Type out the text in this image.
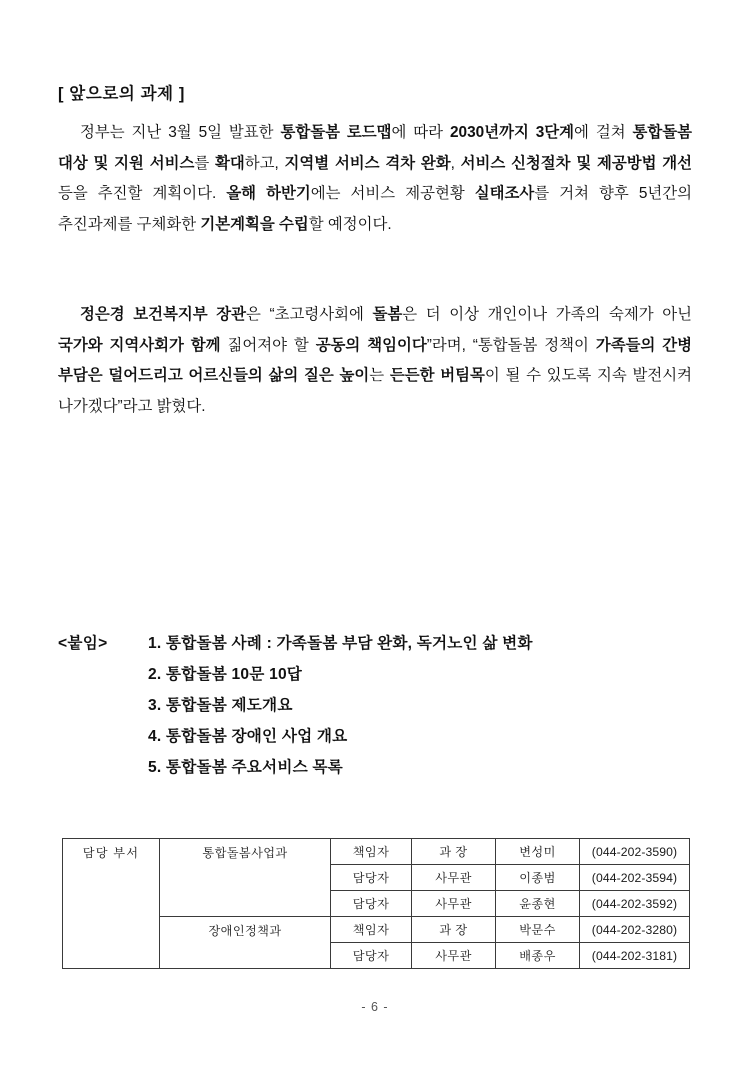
[ 앞으로의 과제 ]
정부는 지난 3월 5일 발표한 통합돌봄 로드맵에 따라 2030년까지 3단계에 걸쳐 통합돌봄 대상 및 지원 서비스를 확대하고, 지역별 서비스 격차 완화, 서비스 신청절차 및 제공방법 개선 등을 추진할 계획이다. 올해 하반기에는 서비스 제공현황 실태조사를 거쳐 향후 5년간의 추진과제를 구체화한 기본계획을 수립할 예정이다.
정은경 보건복지부 장관은 “초고령사회에 돌봄은 더 이상 개인이나 가족의 숙제가 아닌 국가와 지역사회가 함께 짊어져야 할 공동의 책임이다”라며, “통합돌봄 정책이 가족들의 간병 부담은 덜어드리고 어르신들의 삶의 질은 높이는 든든한 버팀목이 될 수 있도록 지속 발전시켜 나가겠다”라고 밝혔다.
<붙임>	1. 통합돌봄 사례 : 가족돌봄 부담 완화, 독거노인 삶 변화
2. 통합돌봄 10문 10답
3. 통합돌봄 제도개요
4. 통합돌봄 장애인 사업 개요
5. 통합돌봄 주요서비스 목록
담당 부서	통합돌봄사업과	책임자	과 장	변성미	(044-202-3590)
		담당자	사무관	이종범	(044-202-3594)
		담당자	사무관	윤종현	(044-202-3592)
	장애인정책과	책임자	과 장	박문수	(044-202-3280)
		담당자	사무관	배종우	(044-202-3181)
- 6 -
